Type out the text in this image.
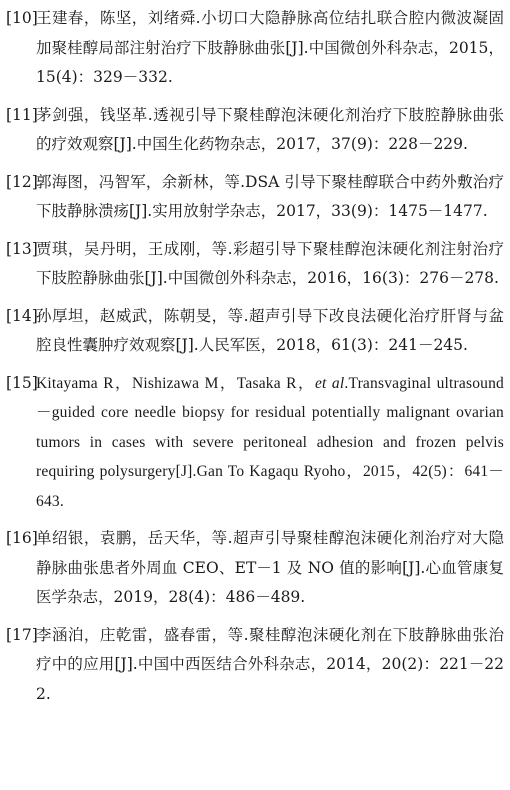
[10]
王建春，陈坚，刘绪舜.小切口大隐静脉高位结扎联合腔内微波凝固加聚桂醇局部注射治疗下肢静脉曲张[J].中国微创外科杂志，2015，15(4)：329－332.
[11]
茅剑强，钱坚革.透视引导下聚桂醇泡沫硬化剂治疗下肢腔静脉曲张的疗效观察[J].中国生化药物杂志，2017，37(9)：228－229.
[12]
郭海图，冯智军，余新林，等.DSA 引导下聚桂醇联合中药外敷治疗下肢静脉溃疡[J].实用放射学杂志，2017，33(9)：1475－1477.
[13]
贾琪，吴丹明，王成刚，等.彩超引导下聚桂醇泡沫硬化剂注射治疗下肢腔静脉曲张[J].中国微创外科杂志，2016，16(3)：276－278.
[14]
孙厚坦，赵威武，陈朝旻，等.超声引导下改良法硬化治疗肝肾与盆腔良性囊肿疗效观察[J].人民军医，2018，61(3)：241－245.
[15]
Kitayama R，Nishizawa M，Tasaka R，et al.Transvaginal ultrasound－guided core needle biopsy for residual potentially malignant ovarian tumors in cases with severe peritoneal adhesion and frozen pelvis requiring polysurgery[J].Gan To Kagaqu Ryoho，2015，42(5)：641－643.
[16]
单绍银，袁鹏，岳天华，等.超声引导聚桂醇泡沫硬化剂治疗对大隐静脉曲张患者外周血 CEO、ET－1 及 NO 值的影响[J].心血管康复医学杂志，2019，28(4)：486－489.
[17]
李涵泊，庄乾雷，盛春雷，等.聚桂醇泡沫硬化剂在下肢静脉曲张治疗中的应用[J].中国中西医结合外科杂志，2014，20(2)：221－222.
